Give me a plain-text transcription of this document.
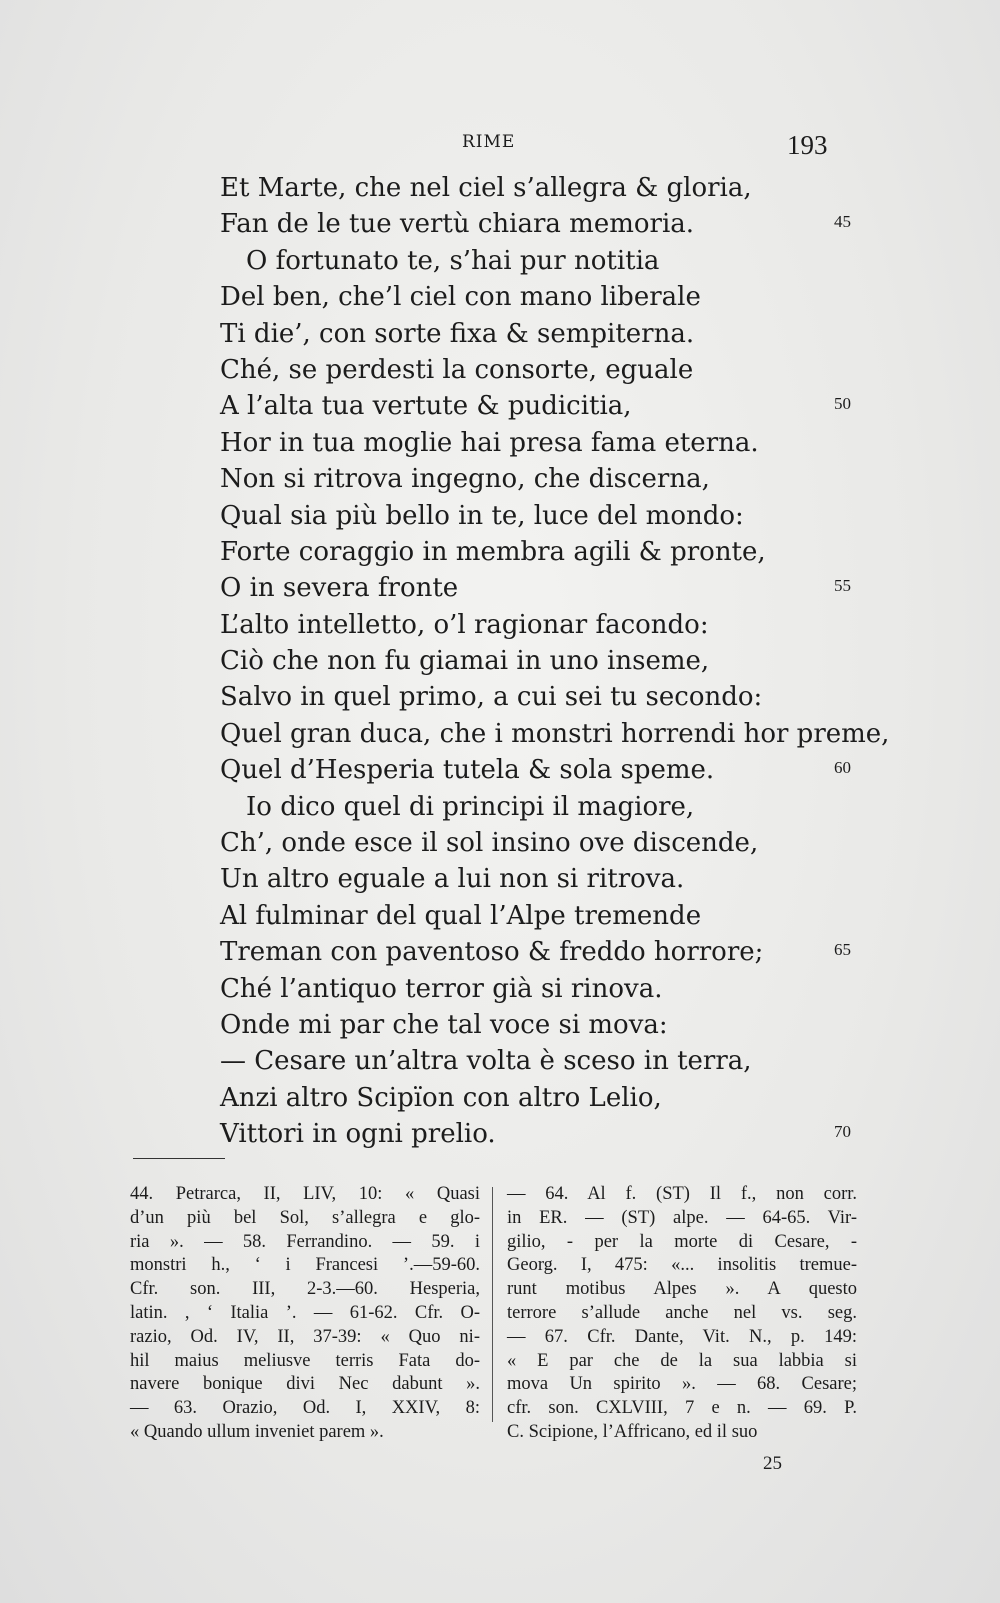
RIME	193
Et Marte, che nel ciel s’allegra & gloria,
Fan de le tue vertù chiara memoria.	45
O fortunato te, s’hai pur notitia
Del ben, che’l ciel con mano liberale
Ti die’, con sorte fixa & sempiterna.
Ché, se perdesti la consorte, eguale
A l’alta tua vertute & pudicitia,	50
Hor in tua moglie hai presa fama eterna.
Non si ritrova ingegno, che discerna,
Qual sia più bello in te, luce del mondo:
Forte coraggio in membra agili & pronte,
O in severa fronte	55
L’alto intelletto, o’l ragionar facondo:
Ciò che non fu giamai in uno inseme,
Salvo in quel primo, a cui sei tu secondo:
Quel gran duca, che i monstri horrendi hor preme,
Quel d’Hesperia tutela & sola speme.	60
Io dico quel di principi il magiore,
Ch’, onde esce il sol insino ove discende,
Un altro eguale a lui non si ritrova.
Al fulminar del qual l’Alpe tremende
Treman con paventoso & freddo horrore;	65
Ché l’antiquo terror già si rinova.
Onde mi par che tal voce si mova:
— Cesare un’altra volta è sceso in terra,
Anzi altro Scipïon con altro Lelio,
Vittori in ogni prelio.	70
44. Petrarca, II, LIV, 10: « Quasi
d’un più bel Sol, s’allegra e glo-
ria ». — 58. Ferrandino. — 59. i
monstri h., ‘ i Francesi ’.—59-60.
Cfr. son. III, 2-3.—60. Hesperia,
latin. , ‘ Italia ’. — 61-62. Cfr. O-
razio, Od. IV, II, 37-39: « Quo ni-
hil maius meliusve terris Fata do-
navere bonique divi Nec dabunt ».
— 63. Orazio, Od. I, XXIV, 8:
« Quando ullum inveniet parem ».
— 64. Al f. (ST) Il f., non corr.
in ER. — (ST) alpe. — 64-65. Vir-
gilio, - per la morte di Cesare, -
Georg. I, 475: «... insolitis tremue-
runt motibus Alpes ». A questo
terrore s’allude anche nel vs. seg.
— 67. Cfr. Dante, Vit. N., p. 149:
« E par che de la sua labbia si
mova Un spirito ». — 68. Cesare;
cfr. son. CXLVIII, 7 e n. — 69. P.
C. Scipione, l’Affricano, ed il suo
25
